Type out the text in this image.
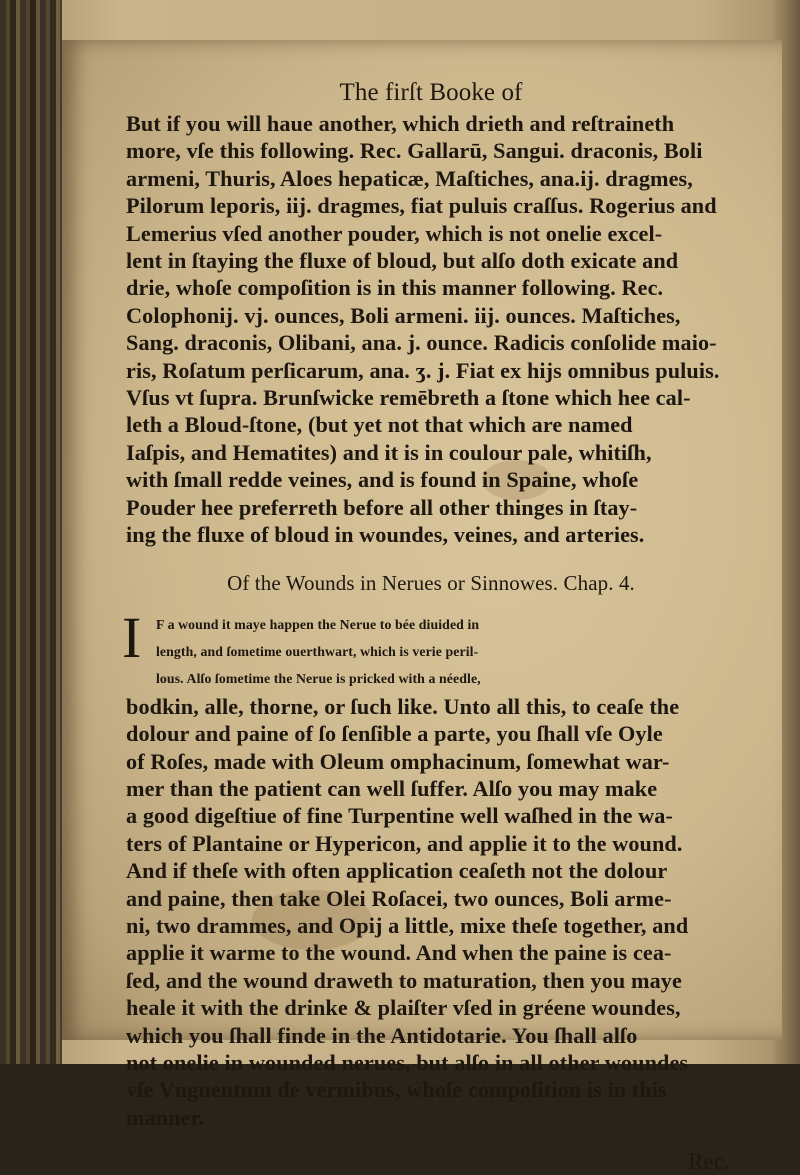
The firſt Booke of
But if you will haue another, which drieth and reſtraineth
more, vſe this following. Rec. Gallarū, Sangui. draconis, Boli
armeni, Thuris, Aloes hepaticæ, Maſtiches, ana.ij. dragmes,
Pilorum leporis, iij. dragmes, fiat puluis craſſus. Rogerius and
Lemerius vſed another pouder, which is not onelie excel-
lent in ſtaying the fluxe of bloud, but alſo doth exicate and
drie, whoſe compoſition is in this manner following. Rec.
Colophonij. vj. ounces, Boli armeni. iij. ounces. Maſtiches,
Sang. draconis, Olibani, ana. j. ounce. Radicis conſolide maio-
ris, Roſatum perſicarum, ana. ʒ. j. Fiat ex hijs omnibus puluis.
Vſus vt ſupra. Brunſwicke remēbreth a ſtone which hee cal-
leth a Bloud-ſtone, (but yet not that which are named
Iaſpis, and Hematites) and it is in coulour pale, whitiſh,
with ſmall redde veines, and is found in Spaine, whoſe
Pouder hee preferreth before all other thinges in ſtay-
ing the fluxe of bloud in woundes, veines, and arteries.
Of the Wounds in Nerues or Sinnowes. Chap. 4.
I	F a wound it maye happen the Nerue to bée diuided in
length, and ſometime ouerthwart, which is verie peril-
lous. Alſo ſometime the Nerue is pricked with a néedle,
bodkin, alle, thorne, or ſuch like. Unto all this, to ceaſe the
dolour and paine of ſo ſenſible a parte, you ſhall vſe Oyle
of Roſes, made with Oleum omphacinum, ſomewhat war-
mer than the patient can well ſuffer. Alſo you may make
a good digeſtiue of fine Turpentine well waſhed in the wa-
ters of Plantaine or Hypericon, and applie it to the wound.
And if theſe with often application ceaſeth not the dolour
and paine, then take Olei Roſacei, two ounces, Boli arme-
ni, two drammes, and Opij a little, mixe theſe together, and
applie it warme to the wound. And when the paine is cea-
ſed, and the wound draweth to maturation, then you maye
heale it with the drinke & plaiſter vſed in gréene woundes,
which you ſhall finde in the Antidotarie. You ſhall alſo
not onelie in wounded nerues, but alſo in all other woundes
vſe Vnguentum de vermibus, whoſe compoſition is in this
manner.
Rec.
